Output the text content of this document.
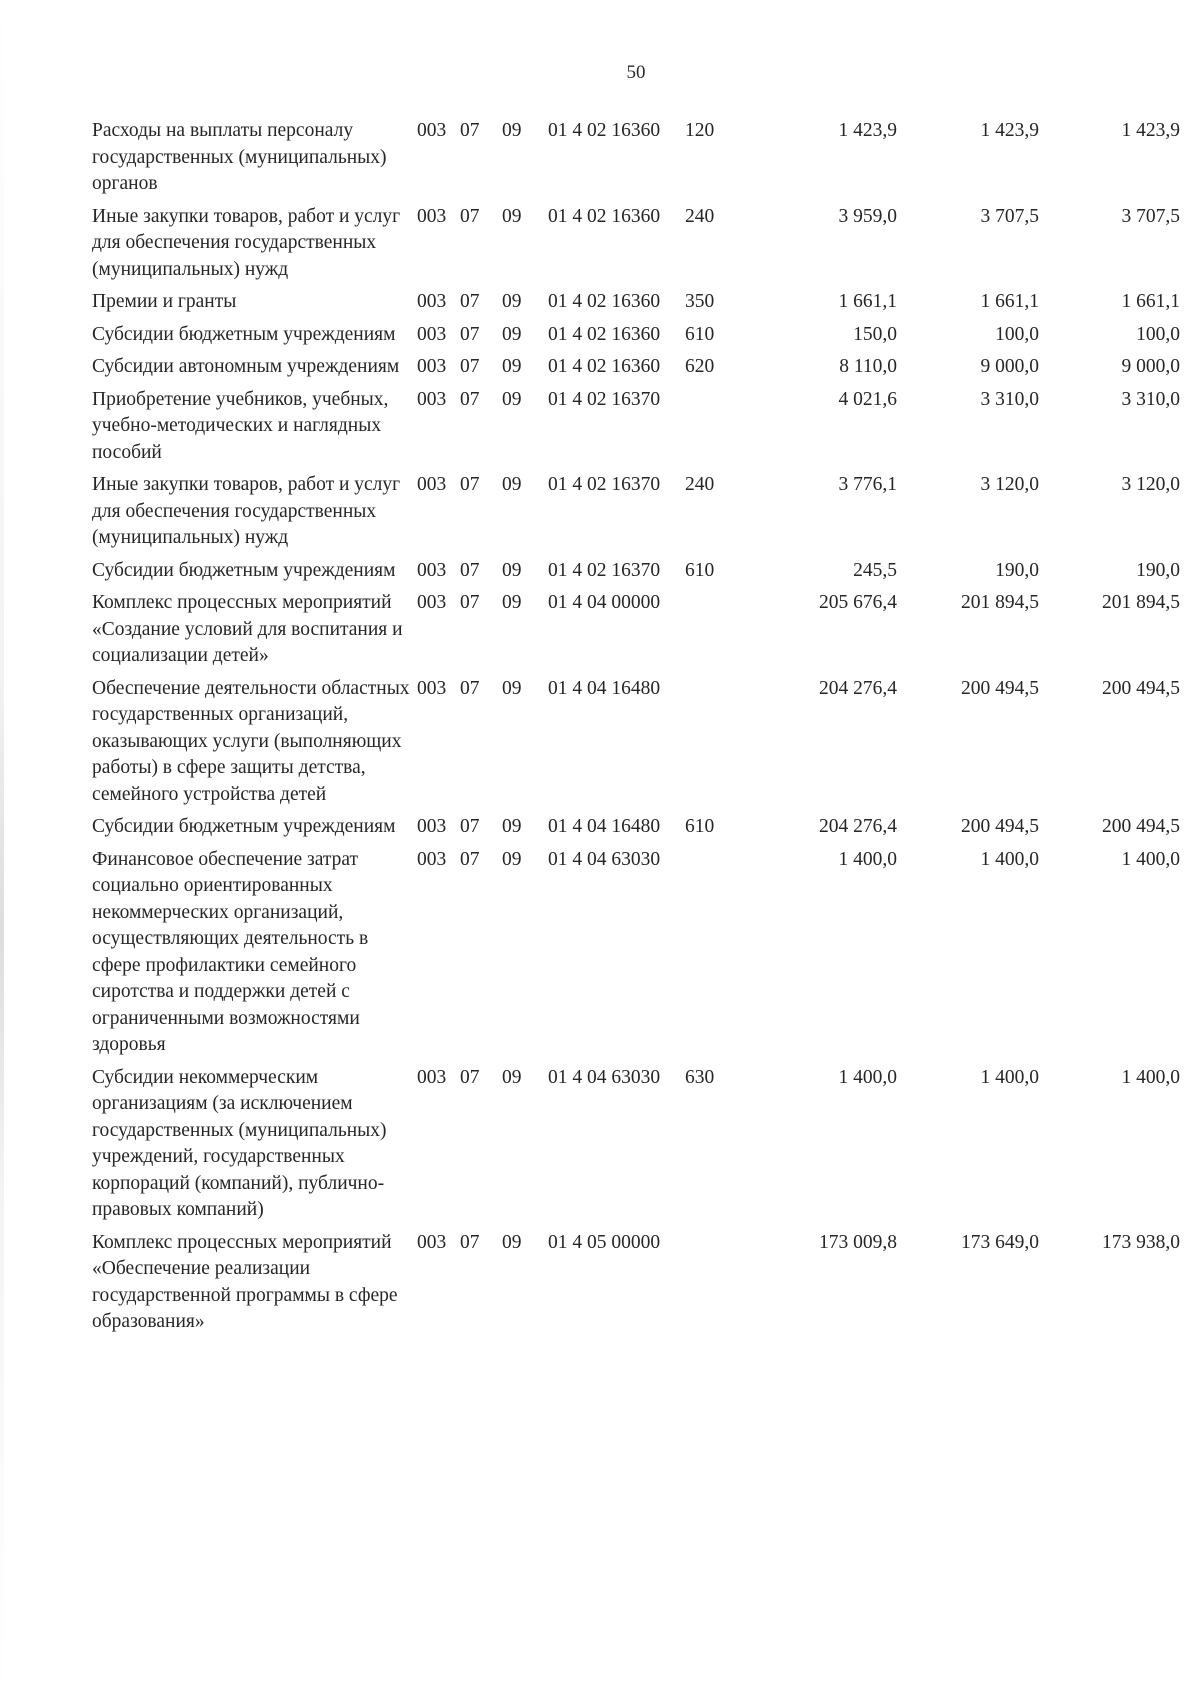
50
Расходы на выплаты персоналу государственных (муниципальных) органов	003	07	09	01 4 02 16360	120	1 423,9	1 423,9	1 423,9
Иные закупки товаров, работ и услуг для обеспечения государственных (муниципальных) нужд	003	07	09	01 4 02 16360	240	3 959,0	3 707,5	3 707,5
Премии и гранты	003	07	09	01 4 02 16360	350	1 661,1	1 661,1	1 661,1
Субсидии бюджетным учреждениям	003	07	09	01 4 02 16360	610	150,0	100,0	100,0
Субсидии автономным учреждениям	003	07	09	01 4 02 16360	620	8 110,0	9 000,0	9 000,0
Приобретение учебников, учебных, учебно-методических и наглядных пособий	003	07	09	01 4 02 16370		4 021,6	3 310,0	3 310,0
Иные закупки товаров, работ и услуг для обеспечения государственных (муниципальных) нужд	003	07	09	01 4 02 16370	240	3 776,1	3 120,0	3 120,0
Субсидии бюджетным учреждениям	003	07	09	01 4 02 16370	610	245,5	190,0	190,0
Комплекс процессных мероприятий «Создание условий для воспитания и социализации детей»	003	07	09	01 4 04 00000		205 676,4	201 894,5	201 894,5
Обеспечение деятельности областных государственных организаций, оказывающих услуги (выполняющих работы) в сфере защиты детства, семейного устройства детей	003	07	09	01 4 04 16480		204 276,4	200 494,5	200 494,5
Субсидии бюджетным учреждениям	003	07	09	01 4 04 16480	610	204 276,4	200 494,5	200 494,5
Финансовое обеспечение затрат социально ориентированных некоммерческих организаций, осуществляющих деятельность в сфере профилактики семейного сиротства и поддержки детей с ограниченными возможностями здоровья	003	07	09	01 4 04 63030		1 400,0	1 400,0	1 400,0
Субсидии некоммерческим организациям (за исключением государственных (муниципальных) учреждений, государственных корпораций (компаний), публично-правовых компаний)	003	07	09	01 4 04 63030	630	1 400,0	1 400,0	1 400,0
Комплекс процессных мероприятий «Обеспечение реализации государственной программы в сфере образования»	003	07	09	01 4 05 00000		173 009,8	173 649,0	173 938,0
